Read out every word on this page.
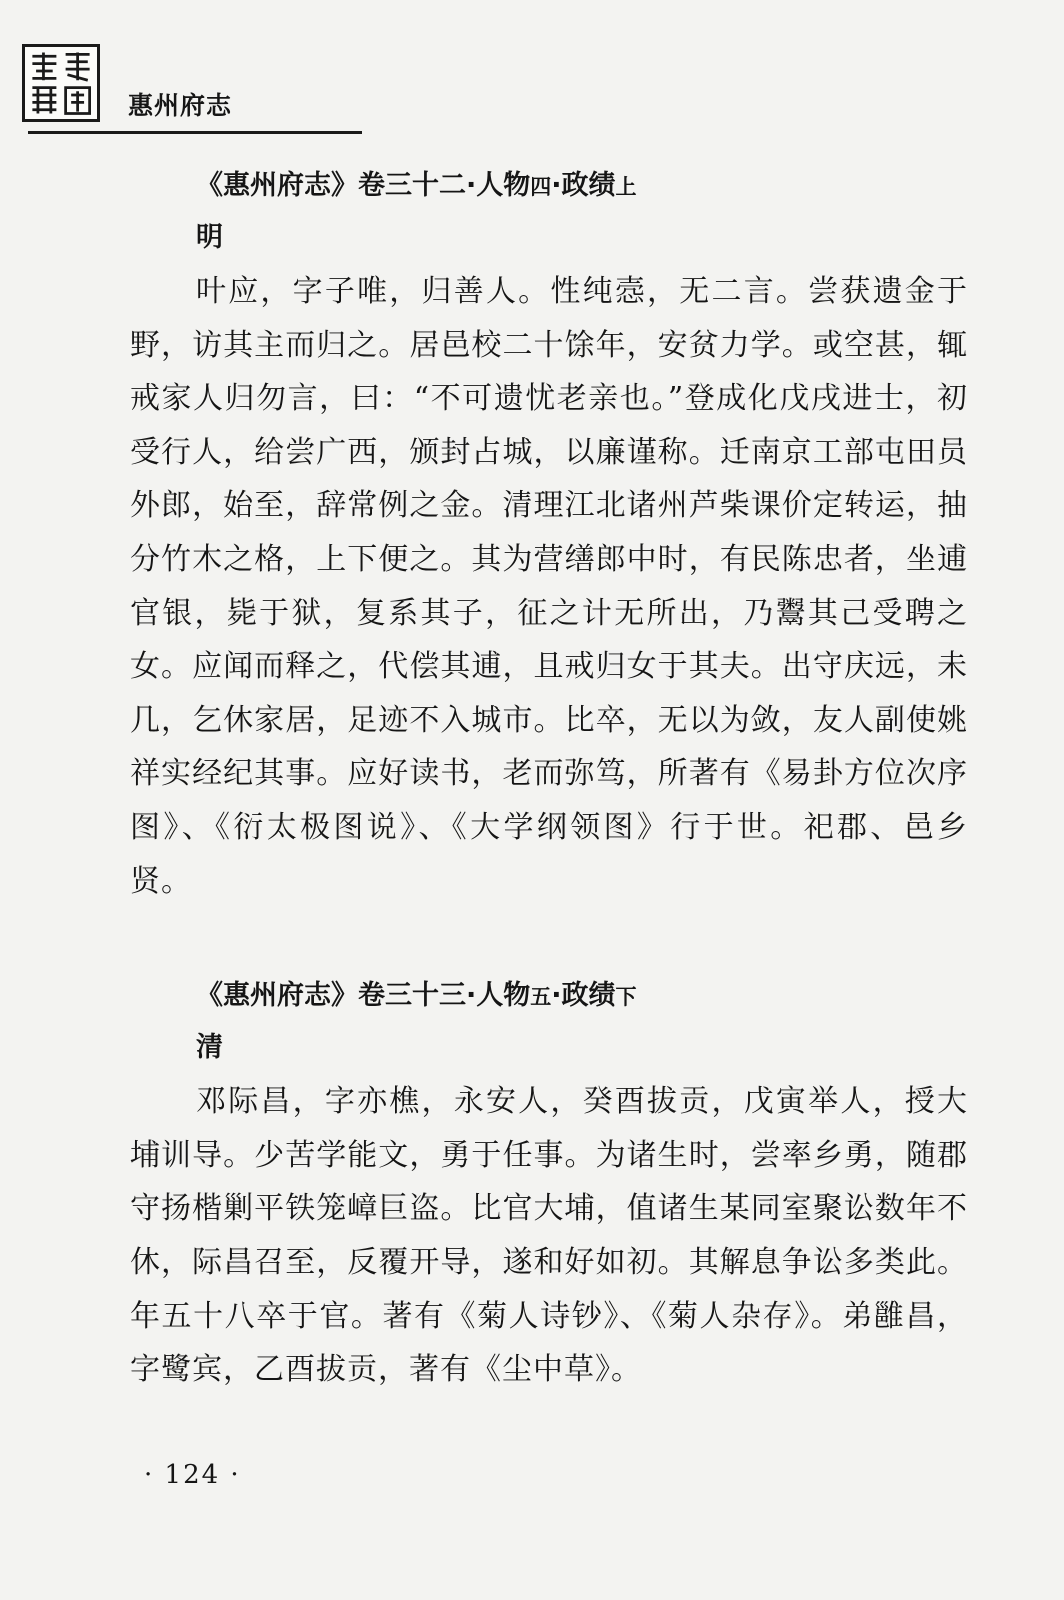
惠州府志
《惠州府志》卷三十二·人物四·政绩上
明

叶应，字子唯，归善人。性纯悫，无二言。尝获遗金于野，访其主而归之。居邑校二十馀年，安贫力学。或空甚，辄戒家人归勿言，曰：“不可遗忧老亲也。”登成化戊戌进士，初受行人，给尝广西，颁封占城，以廉谨称。迁南京工部屯田员外郎，始至，辞常例之金。清理江北诸州芦柴课价定转运，抽分竹木之格，上下便之。其为营缮郎中时，有民陈忠者，坐逋官银，毙于狱，复系其子，征之计无所出，乃鬻其己受聘之女。应闻而释之，代偿其逋，且戒归女于其夫。出守庆远，未几，乞休家居，足迹不入城市。比卒，无以为敛，友人副使姚祥实经纪其事。应好读书，老而弥笃，所著有《易卦方位次序图》、《衍太极图说》、《大学纲领图》行于世。祀郡、邑乡贤。

《惠州府志》卷三十三·人物五·政绩下
清

邓际昌，字亦樵，永安人，癸酉拔贡，戊寅举人，授大埔训导。少苦学能文，勇于任事。为诸生时，尝率乡勇，随郡守扬楷剿平铁笼嶂巨盗。比官大埔，值诸生某同室聚讼数年不休，际昌召至，反覆开导，遂和好如初。其解息争讼多类此。年五十八卒于官。著有《菊人诗钞》、《菊人杂存》。弟雝昌，字鹭宾，乙酉拔贡，著有《尘中草》。

· 124 ·
